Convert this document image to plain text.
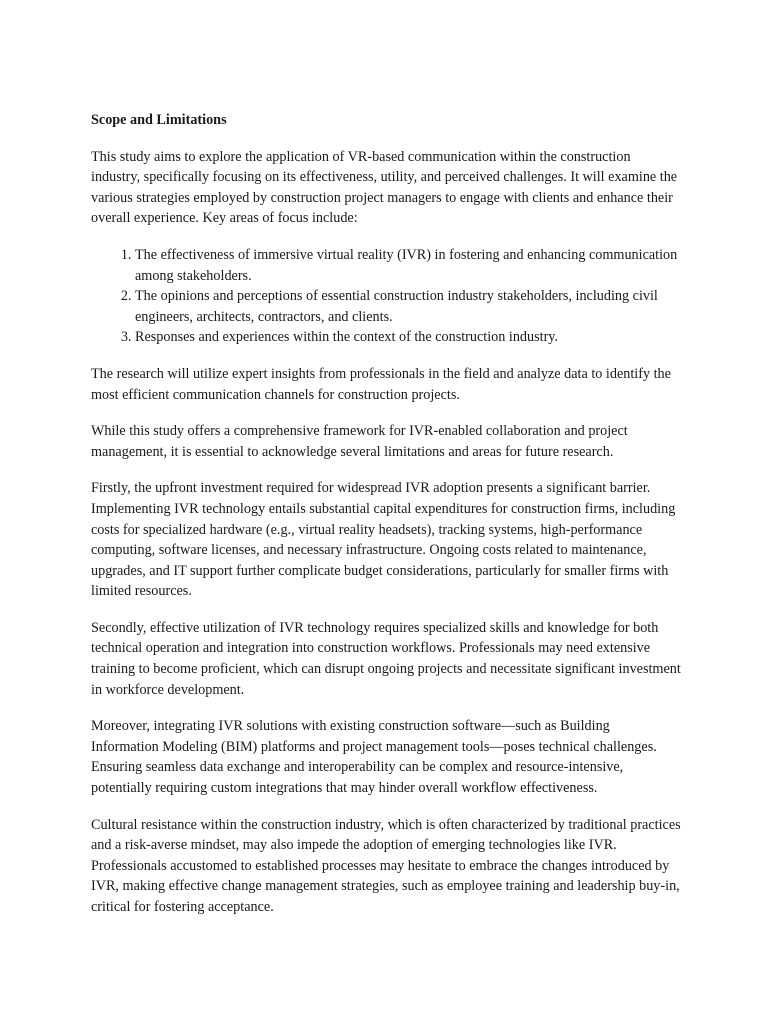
Scope and Limitations

This study aims to explore the application of VR-based communication within the construction industry, specifically focusing on its effectiveness, utility, and perceived challenges. It will examine the various strategies employed by construction project managers to engage with clients and enhance their overall experience. Key areas of focus include:

1. The effectiveness of immersive virtual reality (IVR) in fostering and enhancing communication among stakeholders.
2. The opinions and perceptions of essential construction industry stakeholders, including civil engineers, architects, contractors, and clients.
3. Responses and experiences within the context of the construction industry.

The research will utilize expert insights from professionals in the field and analyze data to identify the most efficient communication channels for construction projects.

While this study offers a comprehensive framework for IVR-enabled collaboration and project management, it is essential to acknowledge several limitations and areas for future research.

Firstly, the upfront investment required for widespread IVR adoption presents a significant barrier. Implementing IVR technology entails substantial capital expenditures for construction firms, including costs for specialized hardware (e.g., virtual reality headsets), tracking systems, high-performance computing, software licenses, and necessary infrastructure. Ongoing costs related to maintenance, upgrades, and IT support further complicate budget considerations, particularly for smaller firms with limited resources.

Secondly, effective utilization of IVR technology requires specialized skills and knowledge for both technical operation and integration into construction workflows. Professionals may need extensive training to become proficient, which can disrupt ongoing projects and necessitate significant investment in workforce development.

Moreover, integrating IVR solutions with existing construction software—such as Building Information Modeling (BIM) platforms and project management tools—poses technical challenges. Ensuring seamless data exchange and interoperability can be complex and resource-intensive, potentially requiring custom integrations that may hinder overall workflow effectiveness.

Cultural resistance within the construction industry, which is often characterized by traditional practices and a risk-averse mindset, may also impede the adoption of emerging technologies like IVR. Professionals accustomed to established processes may hesitate to embrace the changes introduced by IVR, making effective change management strategies, such as employee training and leadership buy-in, critical for fostering acceptance.
